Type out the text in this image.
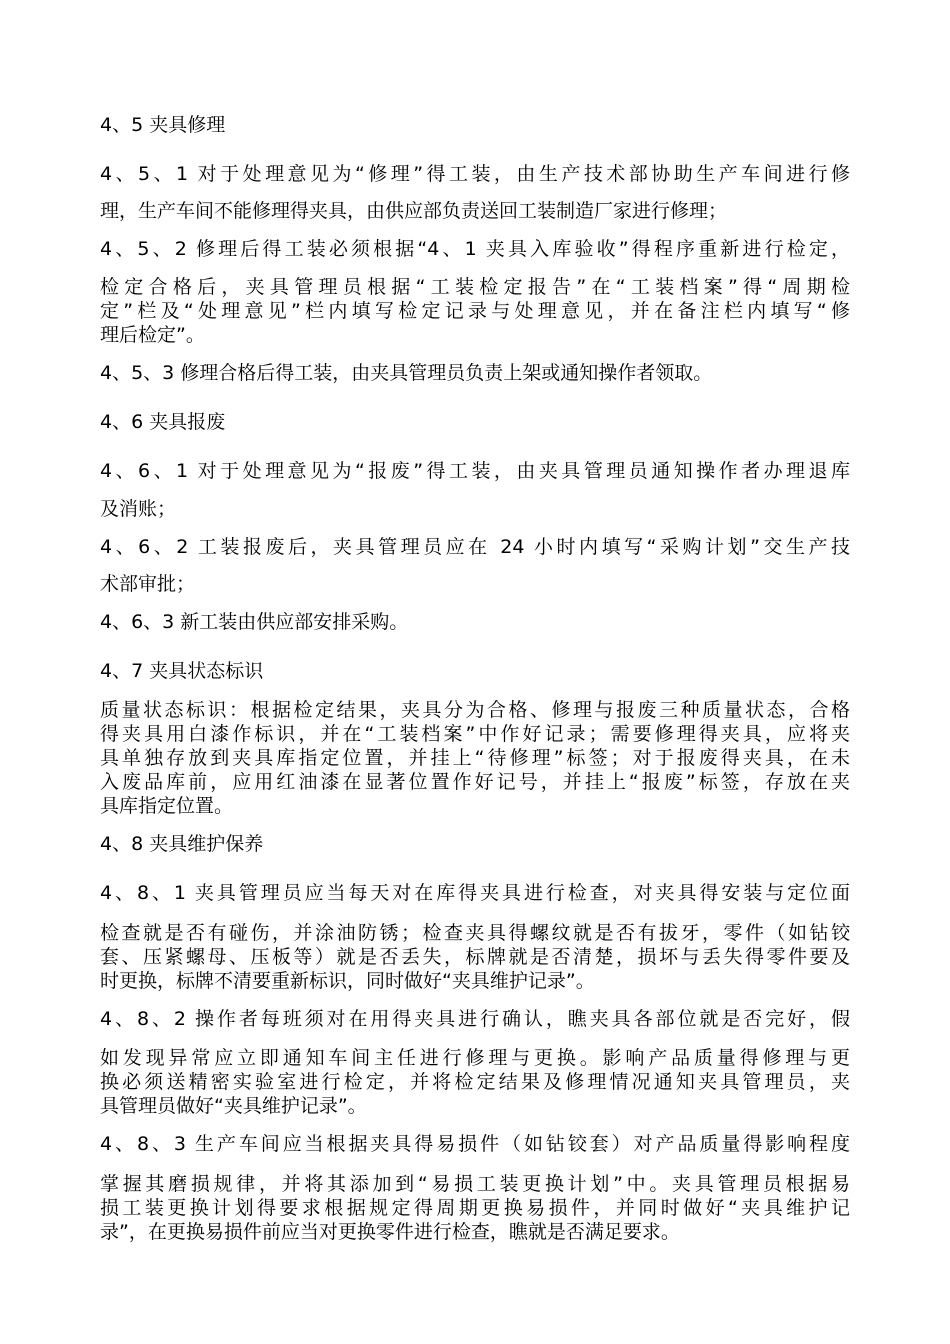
4、5 夹具修理
4、5、1 对于处理意见为“修理”得工装，由生产技术部协助生产车间进行修
理，生产车间不能修理得夹具，由供应部负责送回工装制造厂家进行修理；
4、5、2 修理后得工装必须根据“4、1 夹具入库验收”得程序重新进行检定，
检定合格后，夹具管理员根据“工装检定报告”在“工装档案”得“周期检
定”栏及“处理意见”栏内填写检定记录与处理意见，并在备注栏内填写“修
理后检定”。
4、5、3 修理合格后得工装，由夹具管理员负责上架或通知操作者领取。
4、6 夹具报废
4、6、1 对于处理意见为“报废”得工装，由夹具管理员通知操作者办理退库
及消账；
4、6、2 工装报废后，夹具管理员应在 24 小时内填写“采购计划”交生产技
术部审批；
4、6、3 新工装由供应部安排采购。
4、7 夹具状态标识
质量状态标识：根据检定结果，夹具分为合格、修理与报废三种质量状态，合格
得夹具用白漆作标识，并在“工装档案”中作好记录；需要修理得夹具，应将夹
具单独存放到夹具库指定位置，并挂上“待修理”标签；对于报废得夹具，在未
入废品库前，应用红油漆在显著位置作好记号，并挂上“报废”标签，存放在夹
具库指定位置。
4、8 夹具维护保养
4、8、1 夹具管理员应当每天对在库得夹具进行检查，对夹具得安装与定位面
检查就是否有碰伤，并涂油防锈；检查夹具得螺纹就是否有拔牙，零件（如钻铰
套、压紧螺母、压板等）就是否丢失，标牌就是否清楚，损坏与丢失得零件要及
时更换，标牌不清要重新标识，同时做好“夹具维护记录”。
4、8、2 操作者每班须对在用得夹具进行确认，瞧夹具各部位就是否完好，假
如发现异常应立即通知车间主任进行修理与更换。影响产品质量得修理与更
换必须送精密实验室进行检定，并将检定结果及修理情况通知夹具管理员，夹
具管理员做好“夹具维护记录”。
4、8、3 生产车间应当根据夹具得易损件（如钻铰套）对产品质量得影响程度
掌握其磨损规律，并将其添加到“易损工装更换计划”中。夹具管理员根据易
损工装更换计划得要求根据规定得周期更换易损件，并同时做好“夹具维护记
录”，在更换易损件前应当对更换零件进行检查，瞧就是否满足要求。
